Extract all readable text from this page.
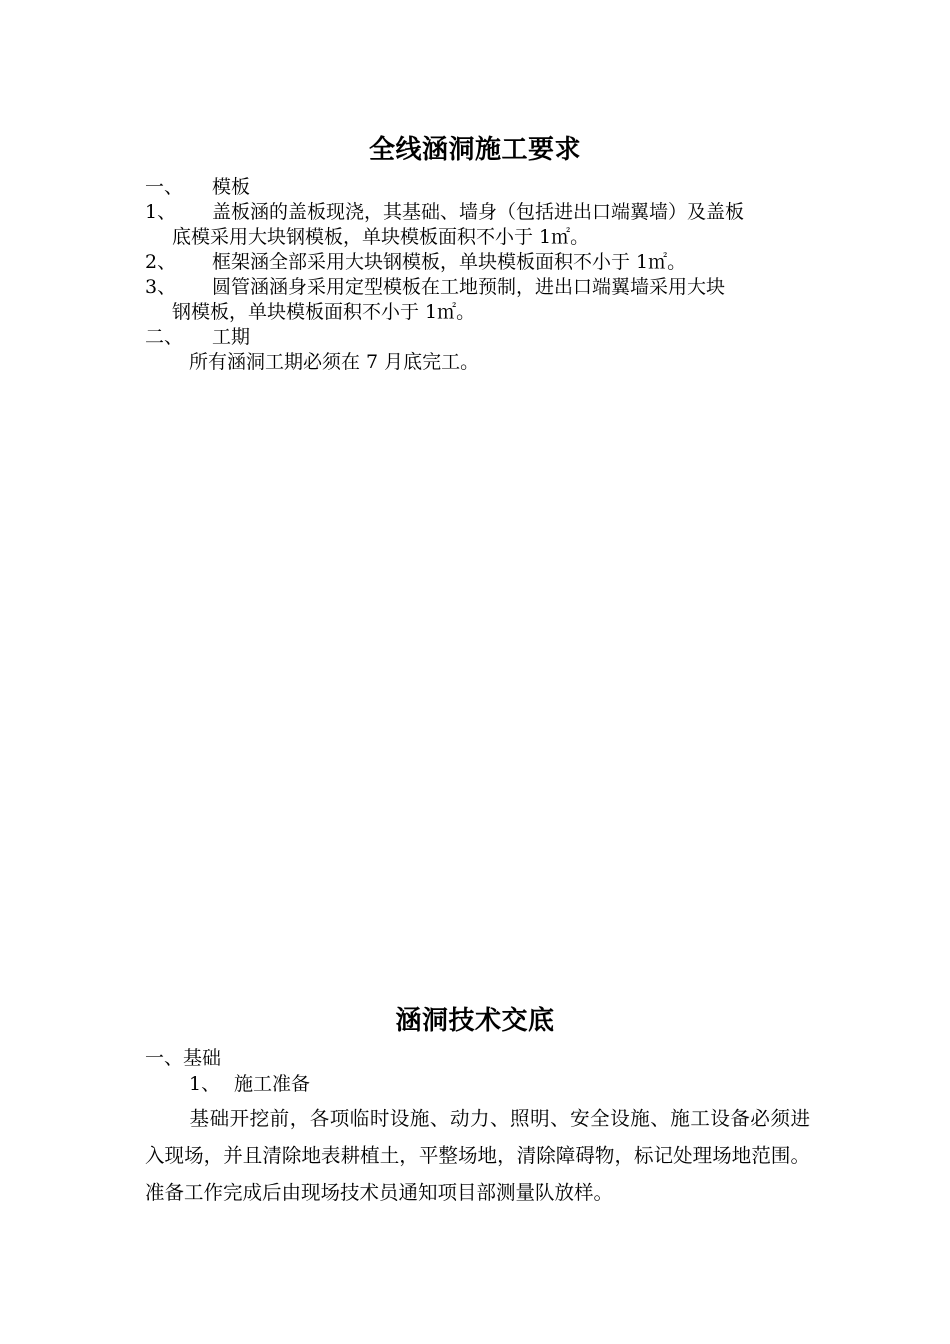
全线涵洞施工要求
一、 模板
1、 盖板涵的盖板现浇，其基础、墙身（包括进出口端翼墙）及盖板
底模采用大块钢模板，单块模板面积不小于 1㎡。
2、 框架涵全部采用大块钢模板，单块模板面积不小于 1㎡。
3、 圆管涵涵身采用定型模板在工地预制，进出口端翼墙采用大块
钢模板，单块模板面积不小于 1㎡。
二、 工期
所有涵洞工期必须在 7 月底完工。
涵洞技术交底
一、基础
1、 施工准备
基础开挖前，各项临时设施、动力、照明、安全设施、施工设备必须进入现场，并且清除地表耕植土，平整场地，清除障碍物，标记处理场地范围。准备工作完成后由现场技术员通知项目部测量队放样。
